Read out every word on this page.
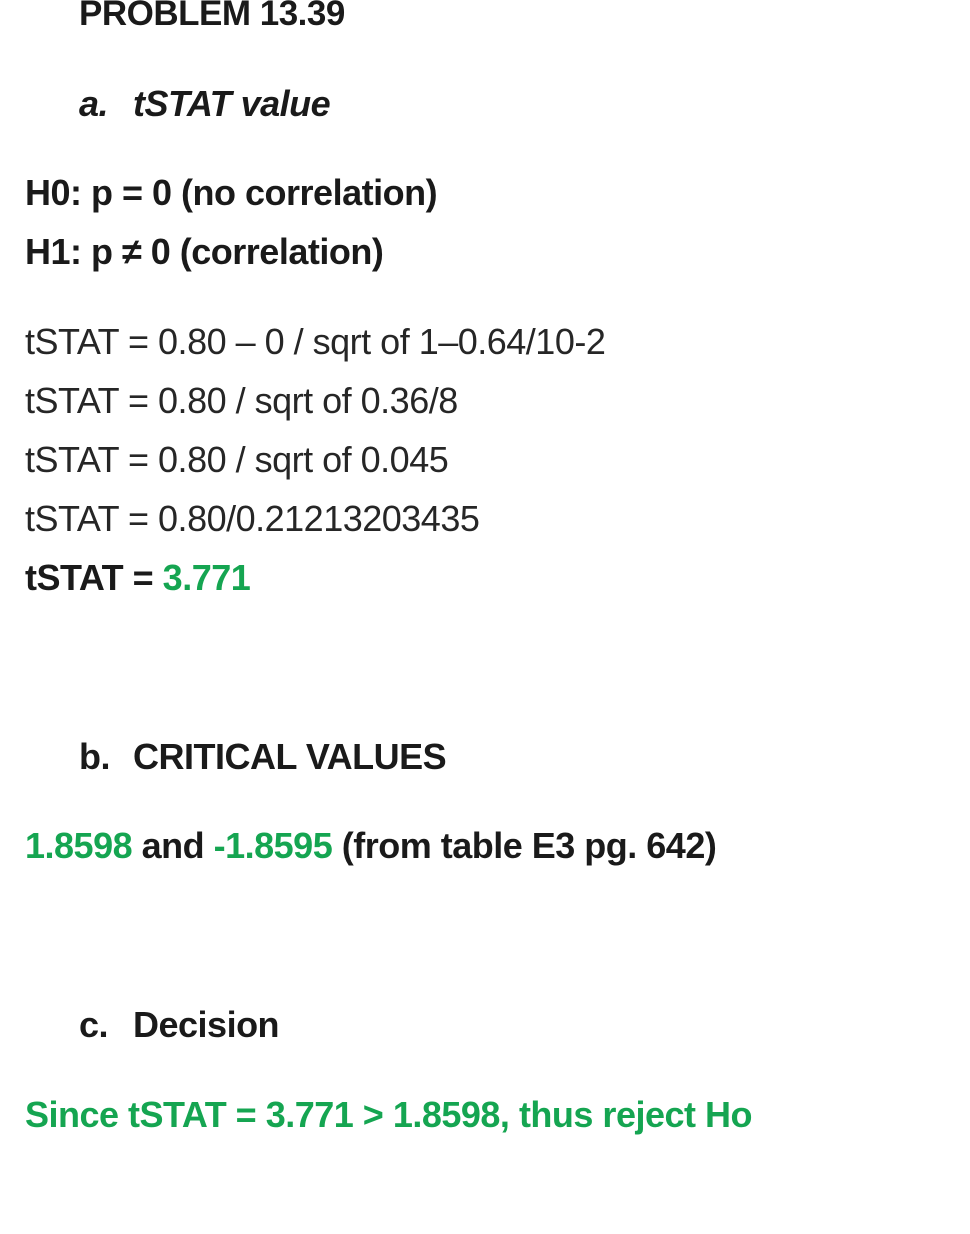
PROBLEM 13.39
a. tSTAT value
H0: p = 0 (no correlation)
H1: p ≠ 0 (correlation)
tSTAT = 0.80 – 0 / sqrt of 1–0.64/10-2
tSTAT = 0.80 / sqrt of 0.36/8
tSTAT = 0.80 / sqrt of 0.045
tSTAT = 0.80/0.21213203435
tSTAT = 3.771
b. CRITICAL VALUES
1.8598 and -1.8595 (from table E3 pg. 642)
c. Decision
Since tSTAT = 3.771 > 1.8598, thus reject Ho
